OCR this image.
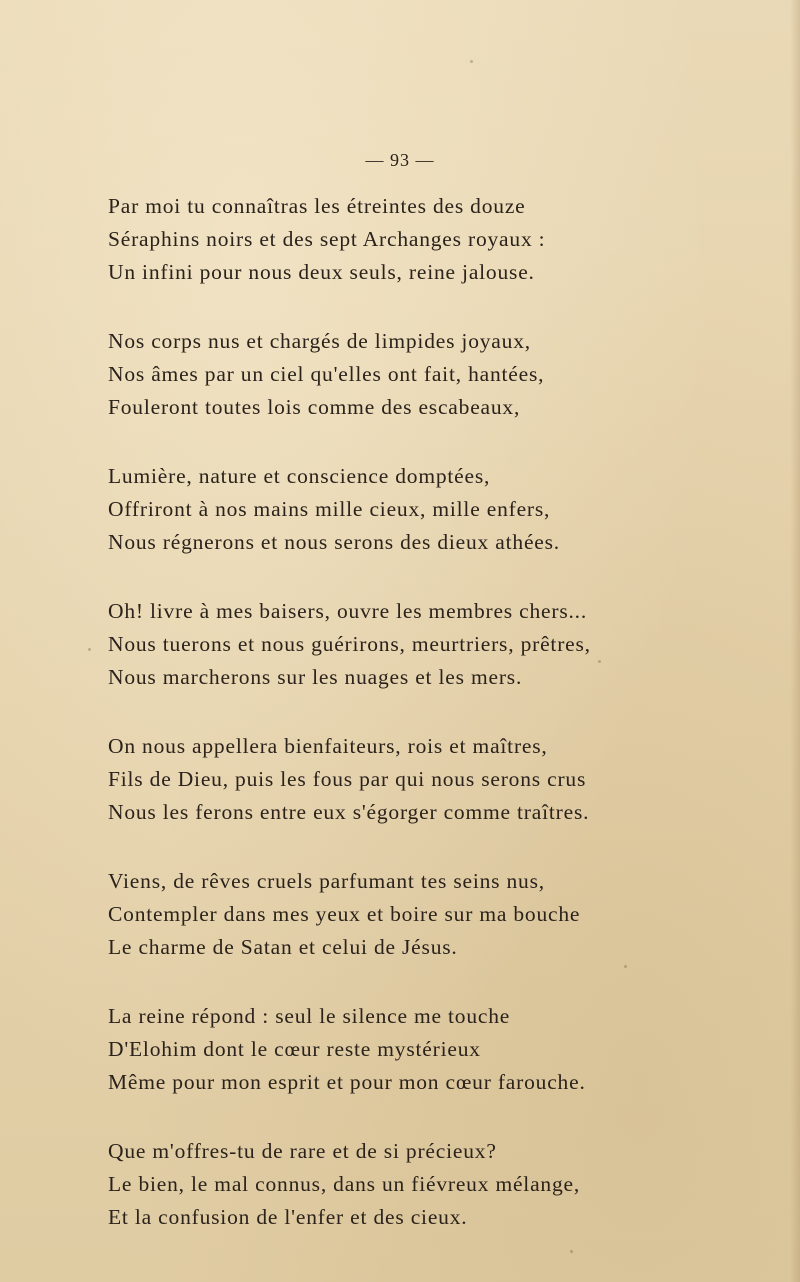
— 93 —
Par moi tu connaîtras les étreintes des douze
Séraphins noirs et des sept Archanges royaux :
Un infini pour nous deux seuls, reine jalouse.
Nos corps nus et chargés de limpides joyaux,
Nos âmes par un ciel qu'elles ont fait, hantées,
Fouleront toutes lois comme des escabeaux,
Lumière, nature et conscience domptées,
Offriront à nos mains mille cieux, mille enfers,
Nous régnerons et nous serons des dieux athées.
Oh! livre à mes baisers, ouvre les membres chers...
Nous tuerons et nous guérirons, meurtriers, prêtres,
Nous marcherons sur les nuages et les mers.
On nous appellera bienfaiteurs, rois et maîtres,
Fils de Dieu, puis les fous par qui nous serons crus
Nous les ferons entre eux s'égorger comme traîtres.
Viens, de rêves cruels parfumant tes seins nus,
Contempler dans mes yeux et boire sur ma bouche
Le charme de Satan et celui de Jésus.
La reine répond : seul le silence me touche
D'Elohim dont le cœur reste mystérieux
Même pour mon esprit et pour mon cœur farouche.
Que m'offres-tu de rare et de si précieux?
Le bien, le mal connus, dans un fiévreux mélange,
Et la confusion de l'enfer et des cieux.
